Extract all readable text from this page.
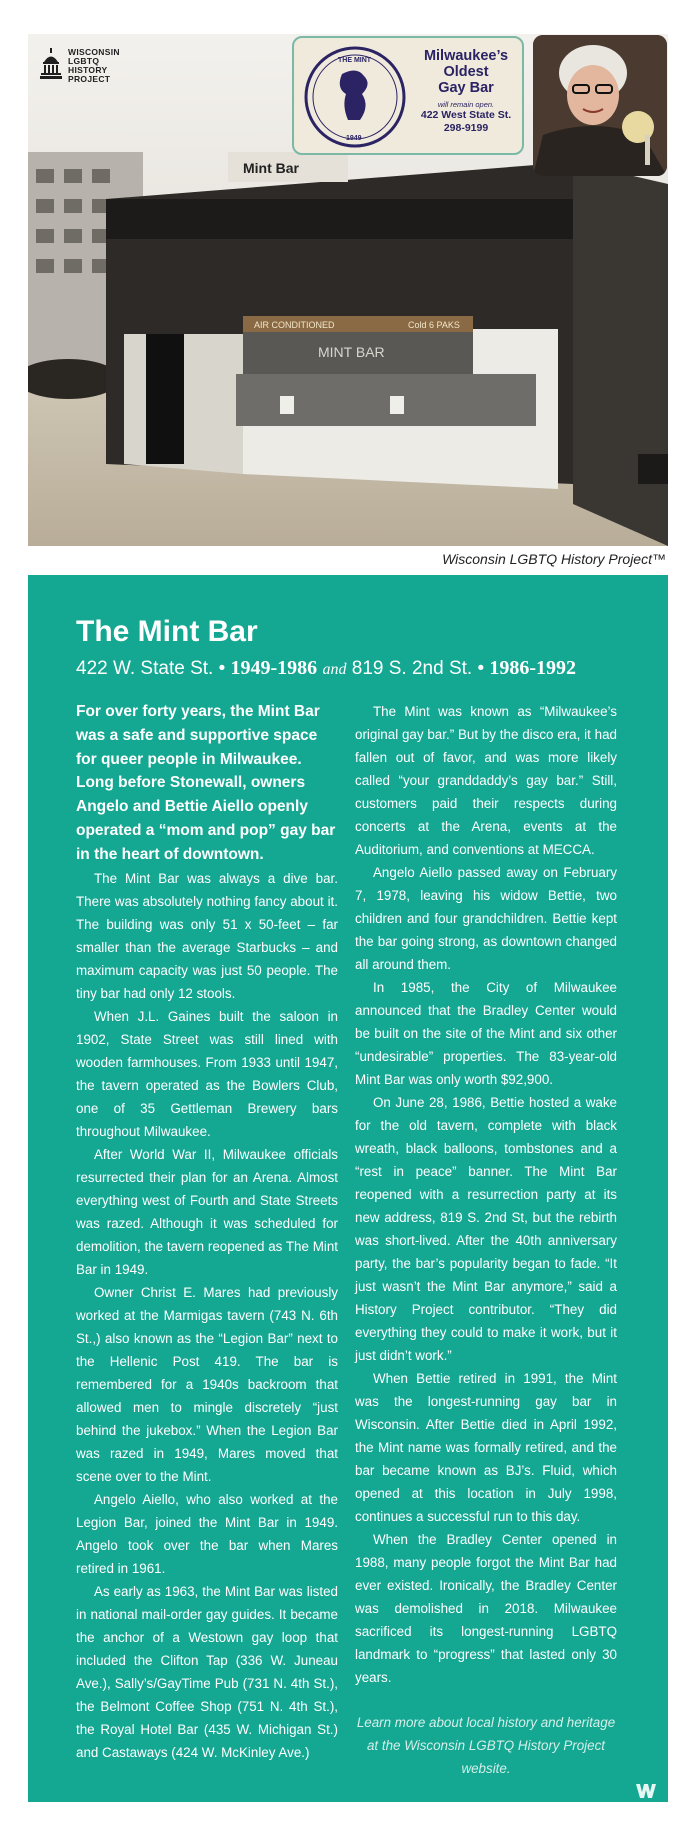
AIR CONDITIONED	Cold 6 PAKS
MINT BAR
Mint Bar
WISCONSIN
LGBTQ
HISTORY
PROJECT
THE MINT
1949
Milwaukee’s
Oldest
Gay Bar
will remain open.
422 West State St.
298-9199
Wisconsin LGBTQ History Project™
The Mint Bar
422 W. State St. • 1949-1986 and 819 S. 2nd St. • 1986-1992

For over forty years, the Mint Bar was a safe and supportive space for queer people in Milwaukee. Long before Stonewall, owners Angelo and Bettie Aiello openly operated a “mom and pop” gay bar in the heart of downtown.

The Mint Bar was always a dive bar. There was absolutely nothing fancy about it. The building was only 51 x 50-feet – far smaller than the average Starbucks – and maximum capacity was just 50 people. The tiny bar had only 12 stools.

When J.L. Gaines built the saloon in 1902, State Street was still lined with wooden farmhouses. From 1933 until 1947, the tavern operated as the Bowlers Club, one of 35 Gettleman Brewery bars throughout Milwaukee.

After World War II, Milwaukee officials resurrected their plan for an Arena. Almost everything west of Fourth and State Streets was razed. Although it was scheduled for demolition, the tavern reopened as The Mint Bar in 1949.

Owner Christ E. Mares had previously worked at the Marmigas tavern (743 N. 6th St.,) also known as the “Legion Bar” next to the Hellenic Post 419. The bar is remembered for a 1940s backroom that allowed men to mingle discretely “just behind the jukebox.” When the Legion Bar was razed in 1949, Mares moved that scene over to the Mint.

Angelo Aiello, who also worked at the Legion Bar, joined the Mint Bar in 1949. Angelo took over the bar when Mares retired in 1961.

As early as 1963, the Mint Bar was listed in national mail-order gay guides. It became the anchor of a Westown gay loop that included the Clifton Tap (336 W. Juneau Ave.), Sally’s/GayTime Pub (731 N. 4th St.), the Belmont Coffee Shop (751 N. 4th St.), the Royal Hotel Bar (435 W. Michigan St.) and Castaways (424 W. McKinley Ave.)

The Mint was known as “Milwaukee’s original gay bar.” But by the disco era, it had fallen out of favor, and was more likely called “your granddaddy’s gay bar.” Still, customers paid their respects during concerts at the Arena, events at the Auditorium, and conventions at MECCA.

Angelo Aiello passed away on February 7, 1978, leaving his widow Bettie, two children and four grandchildren. Bettie kept the bar going strong, as downtown changed all around them.

In 1985, the City of Milwaukee announced that the Bradley Center would be built on the site of the Mint and six other “undesirable” properties. The 83-year-old Mint Bar was only worth $92,900.

On June 28, 1986, Bettie hosted a wake for the old tavern, complete with black wreath, black balloons, tombstones and a “rest in peace” banner. The Mint Bar reopened with a resurrection party at its new address, 819 S. 2nd St, but the rebirth was short-lived. After the 40th anniversary party, the bar’s popularity began to fade. “It just wasn’t the Mint Bar anymore,” said a History Project contributor. “They did everything they could to make it work, but it just didn’t work.”

When Bettie retired in 1991, the Mint was the longest-running gay bar in Wisconsin. After Bettie died in April 1992, the Mint name was formally retired, and the bar became known as BJ’s. Fluid, which opened at this location in July 1998, continues a successful run to this day.

When the Bradley Center opened in 1988, many people forgot the Mint Bar had ever existed. Ironically, the Bradley Center was demolished in 2018. Milwaukee sacrificed its longest-running LGBTQ landmark to “progress” that lasted only 30 years.

Learn more about local history and heritage at the Wisconsin LGBTQ History Project website.
